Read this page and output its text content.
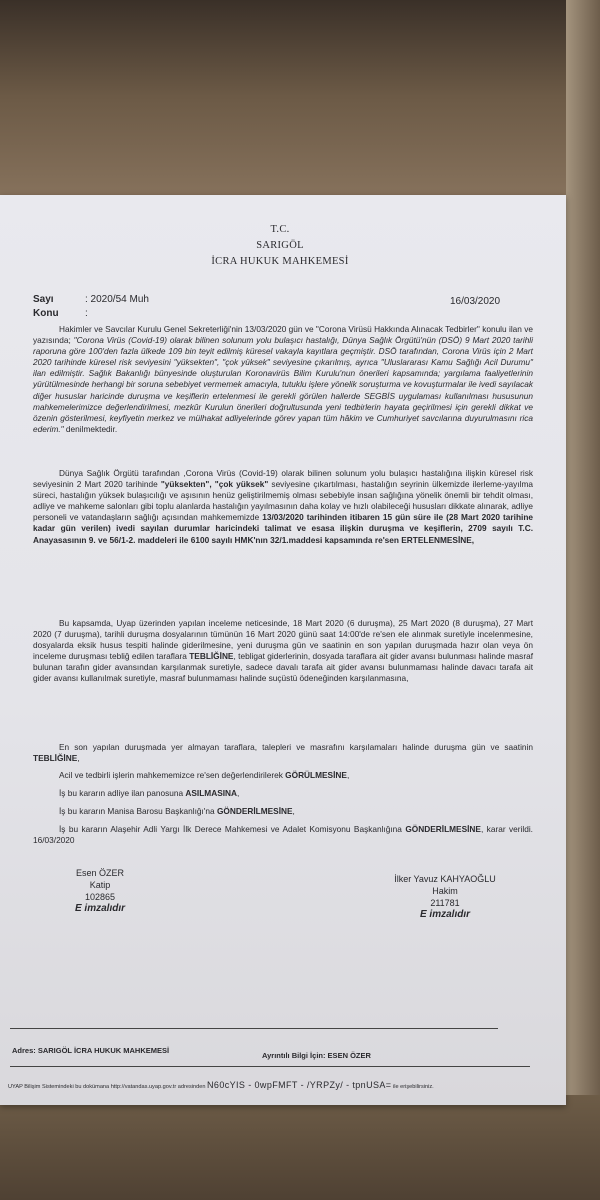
T.C.
SARIGÖL
İCRA HUKUK MAHKEMESİ
Sayı	: 2020/54 Muh	16/03/2020
Konu	:
Hakimler ve Savcılar Kurulu Genel Sekreterliği'nin 13/03/2020 gün ve "Corona Virüsü Hakkında Alınacak Tedbirler" konulu ilan ve yazısında; "Corona Virüs (Covid-19) olarak bilinen solunum yolu bulaşıcı hastalığı, Dünya Sağlık Örgütü'nün (DSÖ) 9 Mart 2020 tarihli raporuna göre 100'den fazla ülkede 109 bin teyit edilmiş küresel vakayla kayıtlara geçmiştir. DSÖ tarafından, Corona Virüs için 2 Mart 2020 tarihinde küresel risk seviyesini "yüksekten", "çok yüksek" seviyesine çıkarılmış, ayrıca "Uluslararası Kamu Sağlığı Acil Durumu" ilan edilmiştir. Sağlık Bakanlığı bünyesinde oluşturulan Koronavirüs Bilim Kurulu'nun önerileri kapsamında; yargılama faaliyetlerinin yürütülmesinde herhangi bir soruna sebebiyet vermemek amacıyla, tutuklu işlere yönelik soruşturma ve kovuşturmalar ile ivedi sayılacak diğer hususlar haricinde duruşma ve keşiflerin ertelenmesi ile gerekli görülen hallerde SEGBİS uygulaması kullanılması hususunun mahkemelerimizce değerlendirilmesi, mezkûr Kurulun önerileri doğrultusunda yeni tedbirlerin hayata geçirilmesi için gerekli dikkat ve özenin gösterilmesi, keyfiyetin merkez ve mülhakat adliyelerinde görev yapan tüm hâkim ve Cumhuriyet savcılarına duyurulmasını rica ederim." denilmektedir.
Dünya Sağlık Örgütü tarafından ,Corona Virüs (Covid-19) olarak bilinen solunum yolu bulaşıcı hastalığına ilişkin küresel risk seviyesinin 2 Mart 2020 tarihinde "yüksekten", "çok yüksek" seviyesine çıkartılması, hastalığın seyrinin ülkemizde ilerleme-yayılma süreci, hastalığın yüksek bulaşıcılığı ve aşısının henüz geliştirilmemiş olması sebebiyle insan sağlığına yönelik önemli bir tehdit olması, adliye ve mahkeme salonları gibi toplu alanlarda hastalığın yayılmasının daha kolay ve hızlı olabileceği hususları dikkate alınarak, adliye personeli ve vatandaşların sağlığı açısından mahkememizde 13/03/2020 tarihinden itibaren 15 gün süre ile (28 Mart 2020 tarihine kadar gün verilen) ivedi sayılan durumlar haricindeki talimat ve esasa ilişkin duruşma ve keşiflerin, 2709 sayılı T.C. Anayasasının 9. ve 56/1-2. maddeleri ile 6100 sayılı HMK'nın 32/1.maddesi kapsamında re'sen ERTELENMESİNE,
Bu kapsamda, Uyap üzerinden yapılan inceleme neticesinde, 18 Mart 2020 (6 duruşma), 25 Mart 2020 (8 duruşma), 27 Mart 2020 (7 duruşma), tarihli duruşma dosyalarının tümünün 16 Mart 2020 günü saat 14:00'de re'sen ele alınmak suretiyle incelenmesine, dosyalarda eksik husus tespiti halinde giderilmesine, yeni duruşma gün ve saatinin en son yapılan duruşmada hazır olan veya ön inceleme duruşması tebliğ edilen taraflara TEBLİĞİNE, tebligat giderlerinin, dosyada taraflara ait gider avansı bulunması halinde masraf bulunan tarafın gider avansından karşılanmak suretiyle, sadece davalı tarafa ait gider avansı bulunmaması halinde davacı tarafa ait gider avansı kullanılmak suretiyle, masraf bulunmaması halinde suçüstü ödeneğinden karşılanmasına,
En son yapılan duruşmada yer almayan taraflara, talepleri ve masrafını karşılamaları halinde duruşma gün ve saatinin TEBLİĞİNE,
Acil ve tedbirli işlerin mahkememizce re'sen değerlendirilerek GÖRÜLMESİNE,
İş bu kararın adliye ilan panosuna ASILMASINA,
İş bu kararın Manisa Barosu Başkanlığı'na GÖNDERİLMESİNE,
İş bu kararın Alaşehir Adli Yargı İlk Derece Mahkemesi ve Adalet Komisyonu Başkanlığına GÖNDERİLMESİNE, karar verildi. 16/03/2020
Esen ÖZER
Katip
102865
E imzalıdır
İlker Yavuz KAHYAOĞLU
Hakim
211781
E imzalıdır
Adres: SARIGÖL İCRA HUKUK MAHKEMESİ
Ayrıntılı Bilgi İçin: ESEN ÖZER
UYAP Bilişim Sistemindeki bu dokümana http://vatandas.uyap.gov.tr adresinden N60cYIS - 0wpFMFT - /YRPZy/ - tpnUSA= ile erişebilirsiniz.
